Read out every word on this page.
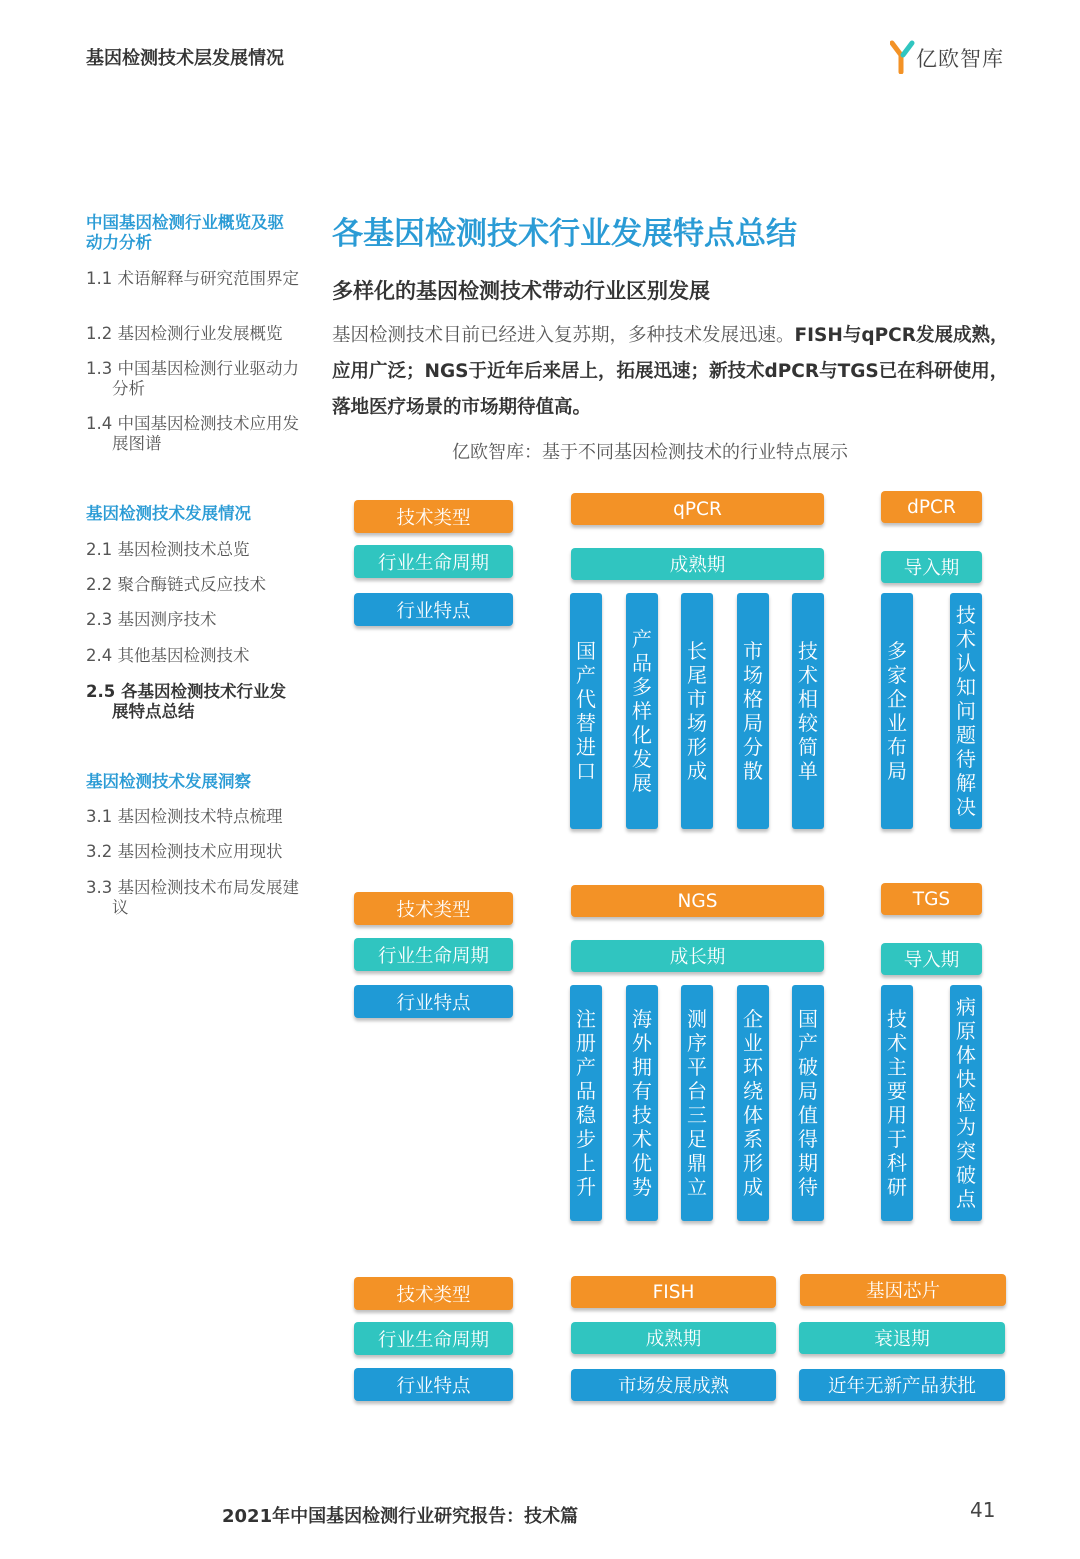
基因检测技术层发展情况	亿欧智库
中国基因检测行业概览及驱动力分析
1.1 术语解释与研究范围界定
1.2 基因检测行业发展概览
1.3 中国基因检测行业驱动力分析
1.4 中国基因检测技术应用发展图谱
基因检测技术发展情况
2.1 基因检测技术总览
2.2 聚合酶链式反应技术
2.3 基因测序技术
2.4 其他基因检测技术
2.5 各基因检测技术行业发展特点总结
基因检测技术发展洞察
3.1 基因检测技术特点梳理
3.2 基因检测技术应用现状
3.3 基因检测技术布局发展建议
各基因检测技术行业发展特点总结
多样化的基因检测技术带动行业区别发展
基因检测技术目前已经进入复苏期，多种技术发展迅速。FISH与qPCR发展成熟，应用广泛；NGS于近年后来居上，拓展迅速；新技术dPCR与TGS已在科研使用，落地医疗场景的市场期待值高。
亿欧智库：基于不同基因检测技术的行业特点展示
技术类型
行业生命周期
行业特点
qPCR
成熟期
国产代替进口
产品多样化发展
长尾市场形成
市场格局分散
技术相较简单
dPCR
导入期
多家企业布局
技术认知问题待解决
技术类型
行业生命周期
行业特点
NGS
成长期
注册产品稳步上升
海外拥有技术优势
测序平台三足鼎立
企业环绕体系形成
国产破局值得期待
TGS
导入期
技术主要用于科研
病原体快检为突破点
技术类型
行业生命周期
行业特点
FISH
成熟期
市场发展成熟
基因芯片
衰退期
近年无新产品获批
2021年中国基因检测行业研究报告：技术篇	41
